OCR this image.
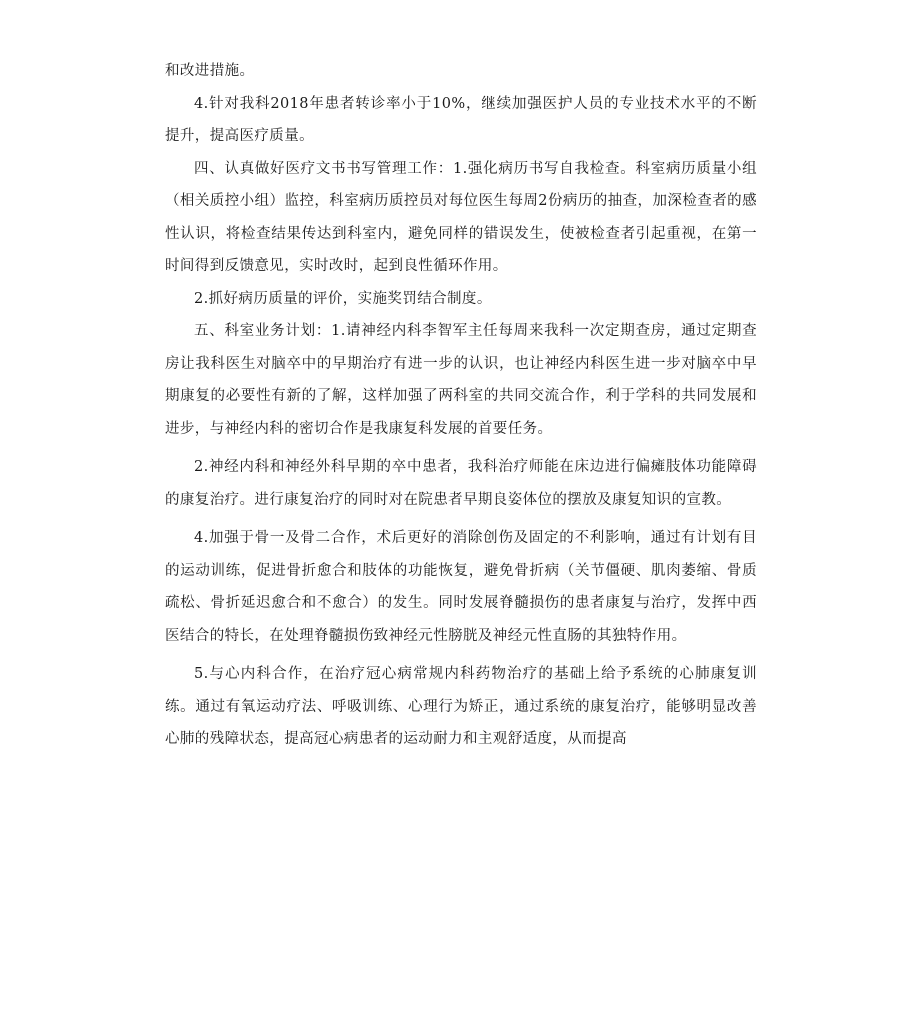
和改进措施。

4.针对我科2018年患者转诊率小于10%，继续加强医护人员的专业技术水平的不断提升，提高医疗质量。

四、认真做好医疗文书书写管理工作：1.强化病历书写自我检查。科室病历质量小组（相关质控小组）监控，科室病历质控员对每位医生每周2份病历的抽查，加深检查者的感性认识，将检查结果传达到科室内，避免同样的错误发生，使被检查者引起重视，在第一时间得到反馈意见，实时改时，起到良性循环作用。

2.抓好病历质量的评价，实施奖罚结合制度。

五、科室业务计划：1.请神经内科李智军主任每周来我科一次定期查房，通过定期查房让我科医生对脑卒中的早期治疗有进一步的认识，也让神经内科医生进一步对脑卒中早期康复的必要性有新的了解，这样加强了两科室的共同交流合作，利于学科的共同发展和进步，与神经内科的密切合作是我康复科发展的首要任务。

2.神经内科和神经外科早期的卒中患者，我科治疗师能在床边进行偏瘫肢体功能障碍的康复治疗。进行康复治疗的同时对在院患者早期良姿体位的摆放及康复知识的宣教。

4.加强于骨一及骨二合作，术后更好的消除创伤及固定的不利影响，通过有计划有目的运动训练，促进骨折愈合和肢体的功能恢复，避免骨折病（关节僵硬、肌肉萎缩、骨质疏松、骨折延迟愈合和不愈合）的发生。同时发展脊髓损伤的患者康复与治疗，发挥中西医结合的特长，在处理脊髓损伤致神经元性膀胱及神经元性直肠的其独特作用。

5.与心内科合作，在治疗冠心病常规内科药物治疗的基础上给予系统的心肺康复训练。通过有氧运动疗法、呼吸训练、心理行为矫正，通过系统的康复治疗，能够明显改善心肺的残障状态，提高冠心病患者的运动耐力和主观舒适度，从而提高
